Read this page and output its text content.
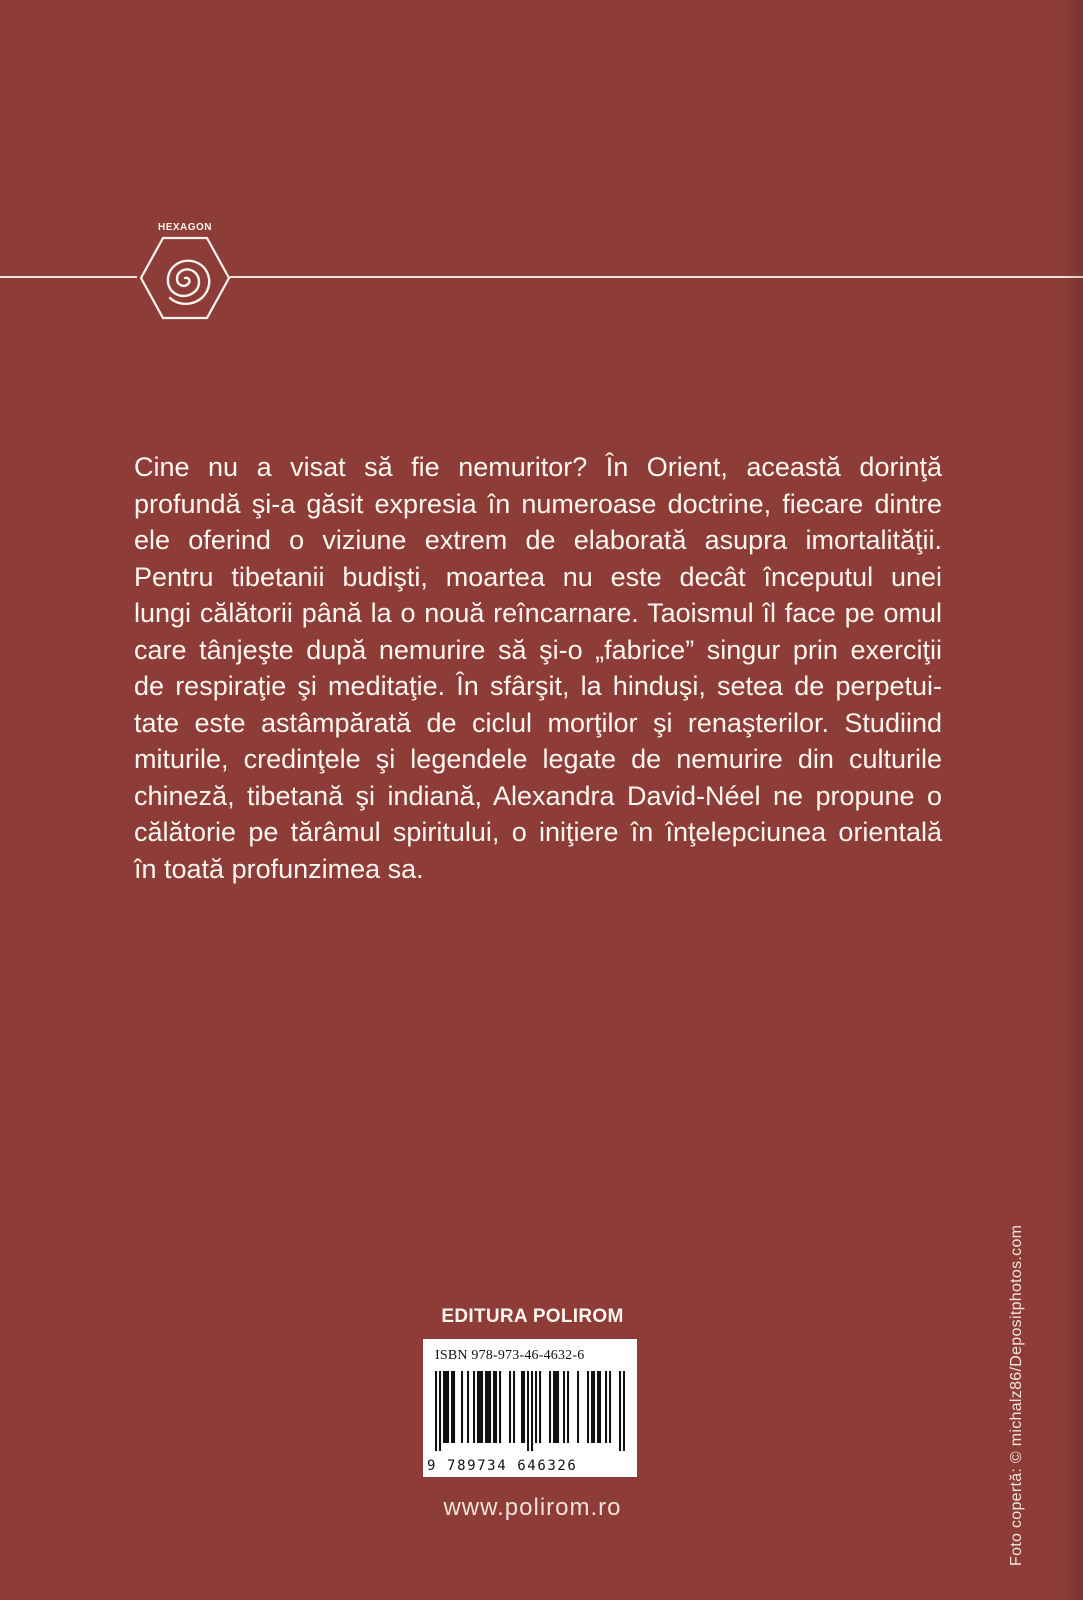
HEXAGON
Cine nu a visat să fie nemuritor? În Orient, această dorinţă
profundă şi-a găsit expresia în numeroase doctrine, fiecare dintre
ele oferind o viziune extrem de elaborată asupra imortalităţii.
Pentru tibetanii budişti, moartea nu este decât începutul unei
lungi călătorii până la o nouă reîncarnare. Taoismul îl face pe omul
care tânjeşte după nemurire să şi-o „fabrice” singur prin exerciţii
de respiraţie şi meditaţie. În sfârşit, la hinduşi, setea de perpetui-
tate este astâmpărată de ciclul morţilor şi renaşterilor. Studiind
miturile, credinţele şi legendele legate de nemurire din culturile
chineză, tibetană şi indiană, Alexandra David-Néel ne propune o
călătorie pe tărâmul spiritului, o iniţiere în înţelepciunea orientală
în toată profunzimea sa.
EDITURA POLIROM
ISBN 978-973-46-4632-6
9 789734 646326
www.polirom.ro	Foto copertă: © michalz86/Depositphotos.com
